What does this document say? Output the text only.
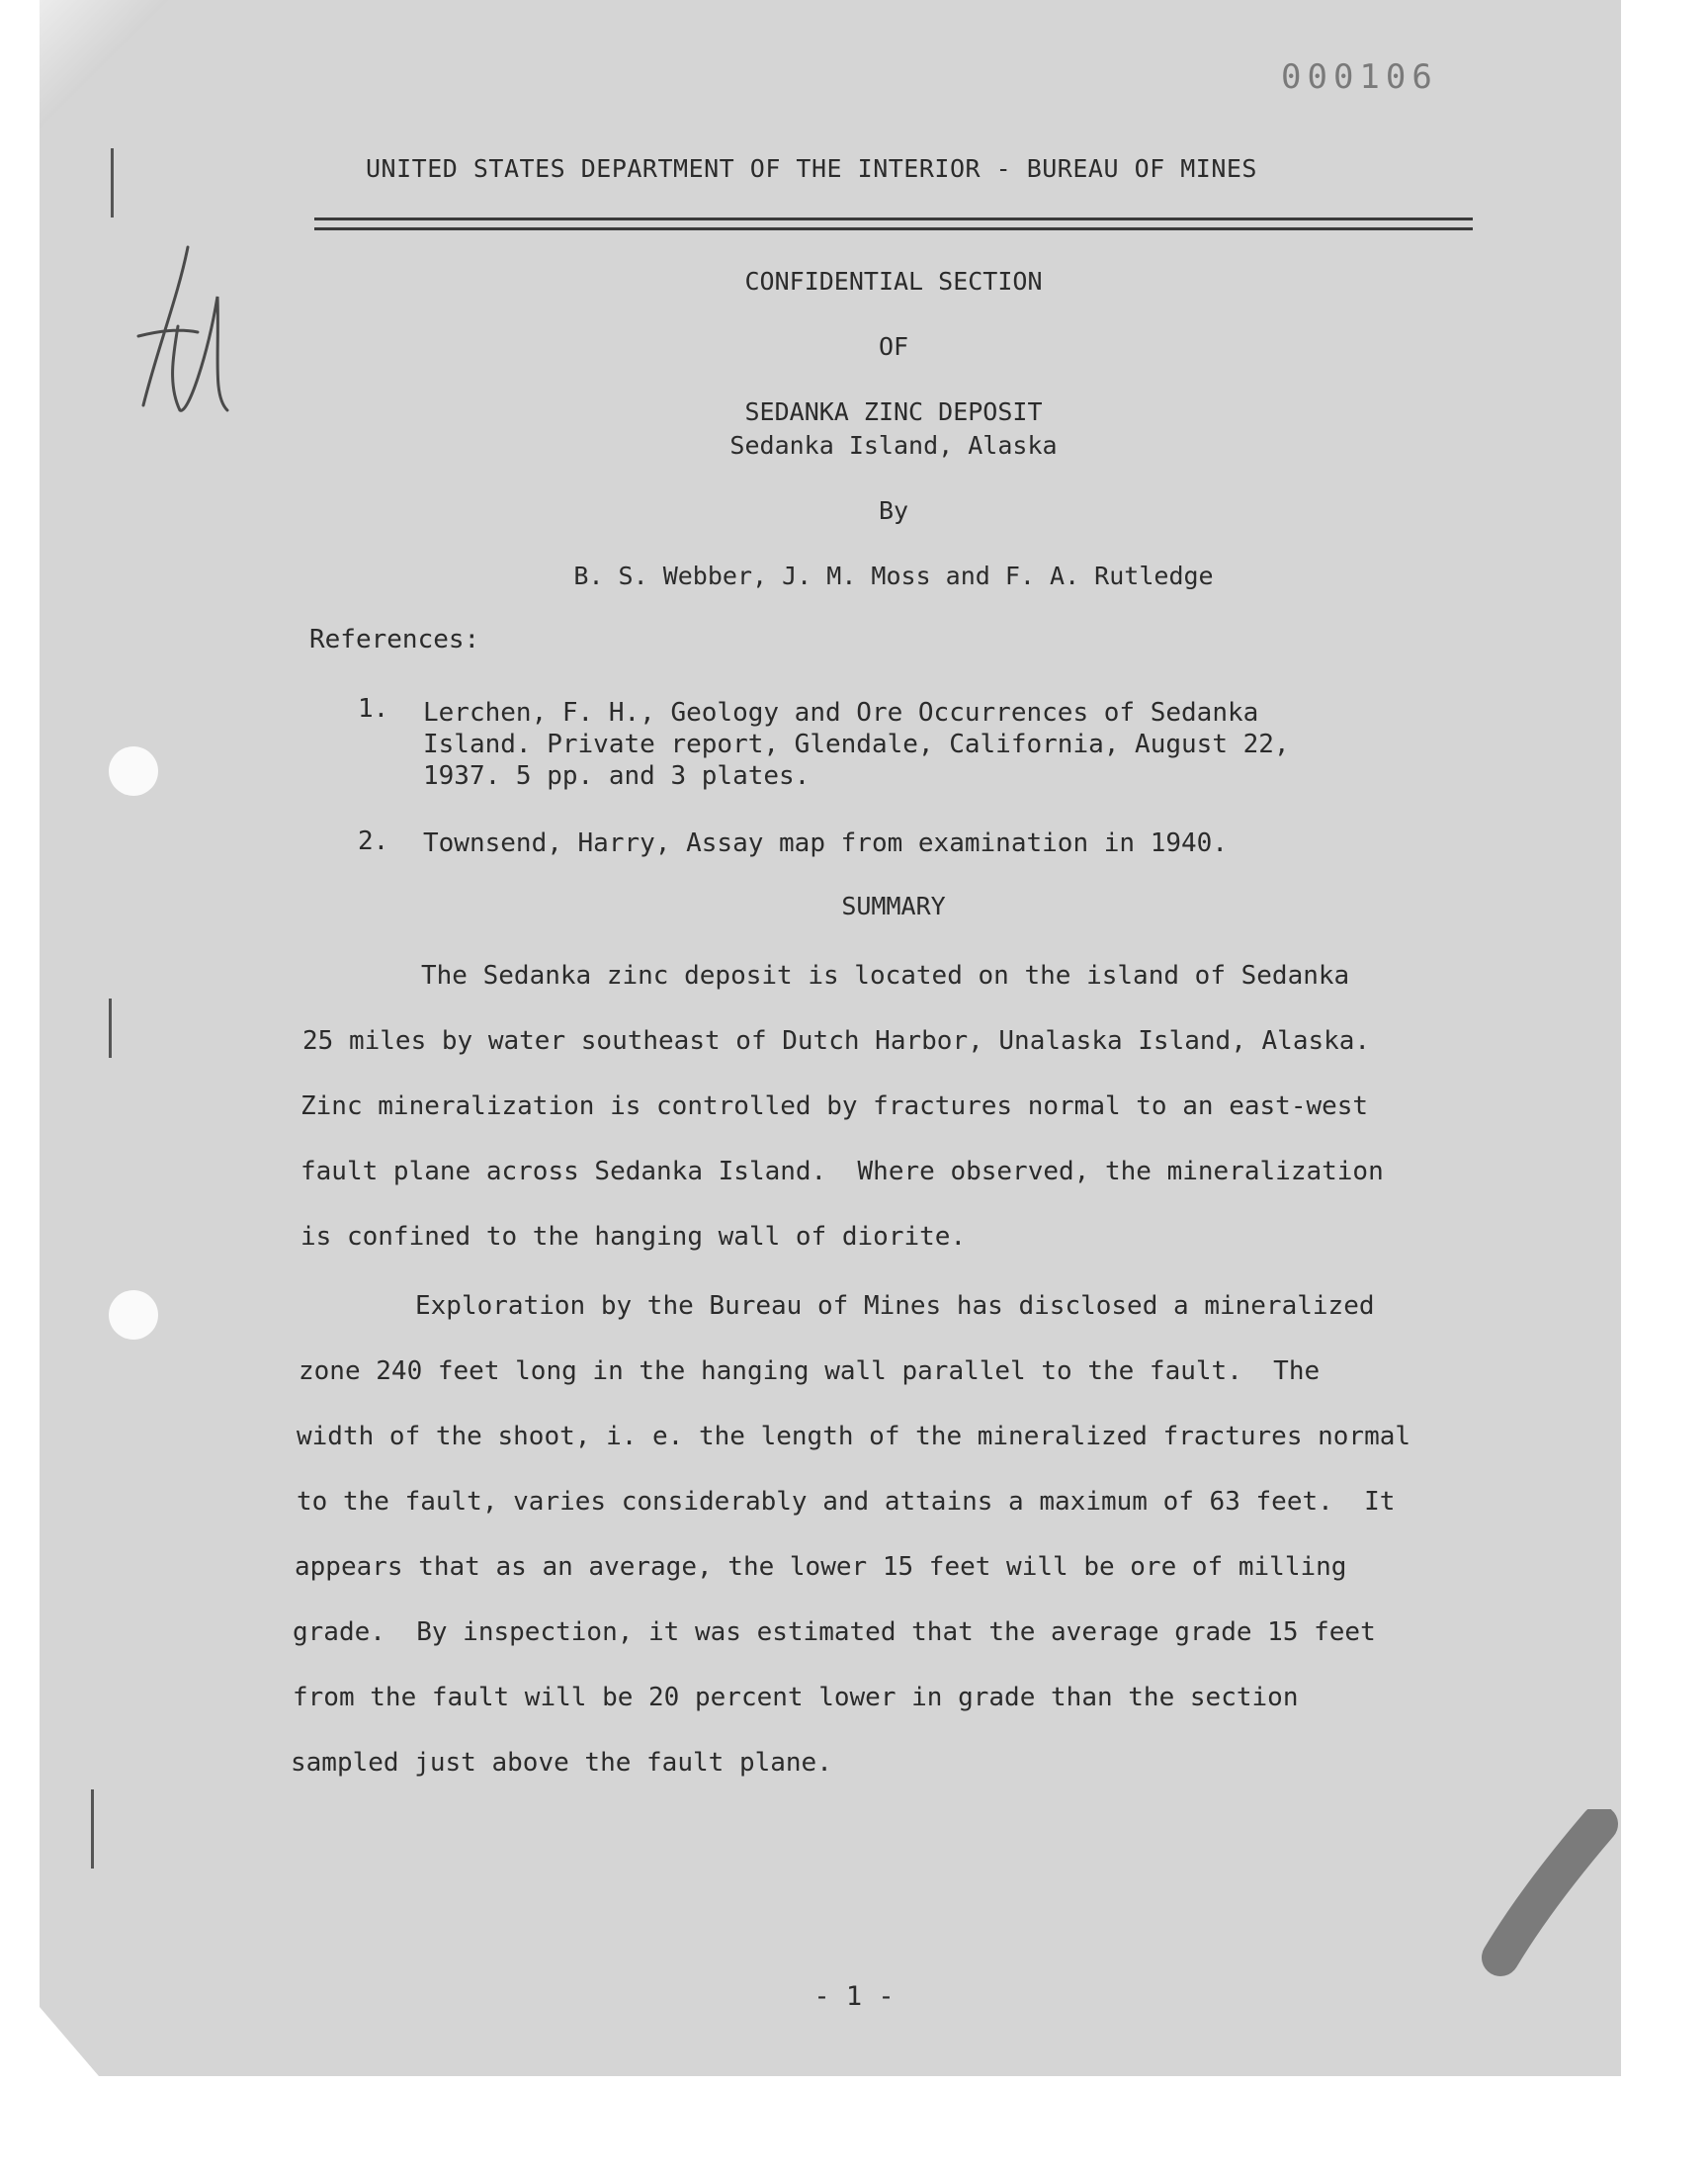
000106
UNITED STATES DEPARTMENT OF THE INTERIOR - BUREAU OF MINES
CONFIDENTIAL SECTION
OF
SEDANKA ZINC DEPOSIT
Sedanka Island, Alaska
By
B. S. Webber, J. M. Moss and F. A. Rutledge
References:
1. Lerchen, F. H., Geology and Ore Occurrences of Sedanka
Island. Private report, Glendale, California, August 22,
1937. 5 pp. and 3 plates.
2. Townsend, Harry, Assay map from examination in 1940.
SUMMARY
The Sedanka zinc deposit is located on the island of Sedanka
25 miles by water southeast of Dutch Harbor, Unalaska Island, Alaska.
Zinc mineralization is controlled by fractures normal to an east-west
fault plane across Sedanka Island.  Where observed, the mineralization
is confined to the hanging wall of diorite.
Exploration by the Bureau of Mines has disclosed a mineralized
zone 240 feet long in the hanging wall parallel to the fault.  The
width of the shoot, i. e. the length of the mineralized fractures normal
to the fault, varies considerably and attains a maximum of 63 feet.  It
appears that as an average, the lower 15 feet will be ore of milling
grade.  By inspection, it was estimated that the average grade 15 feet
from the fault will be 20 percent lower in grade than the section
sampled just above the fault plane.
- 1 -
